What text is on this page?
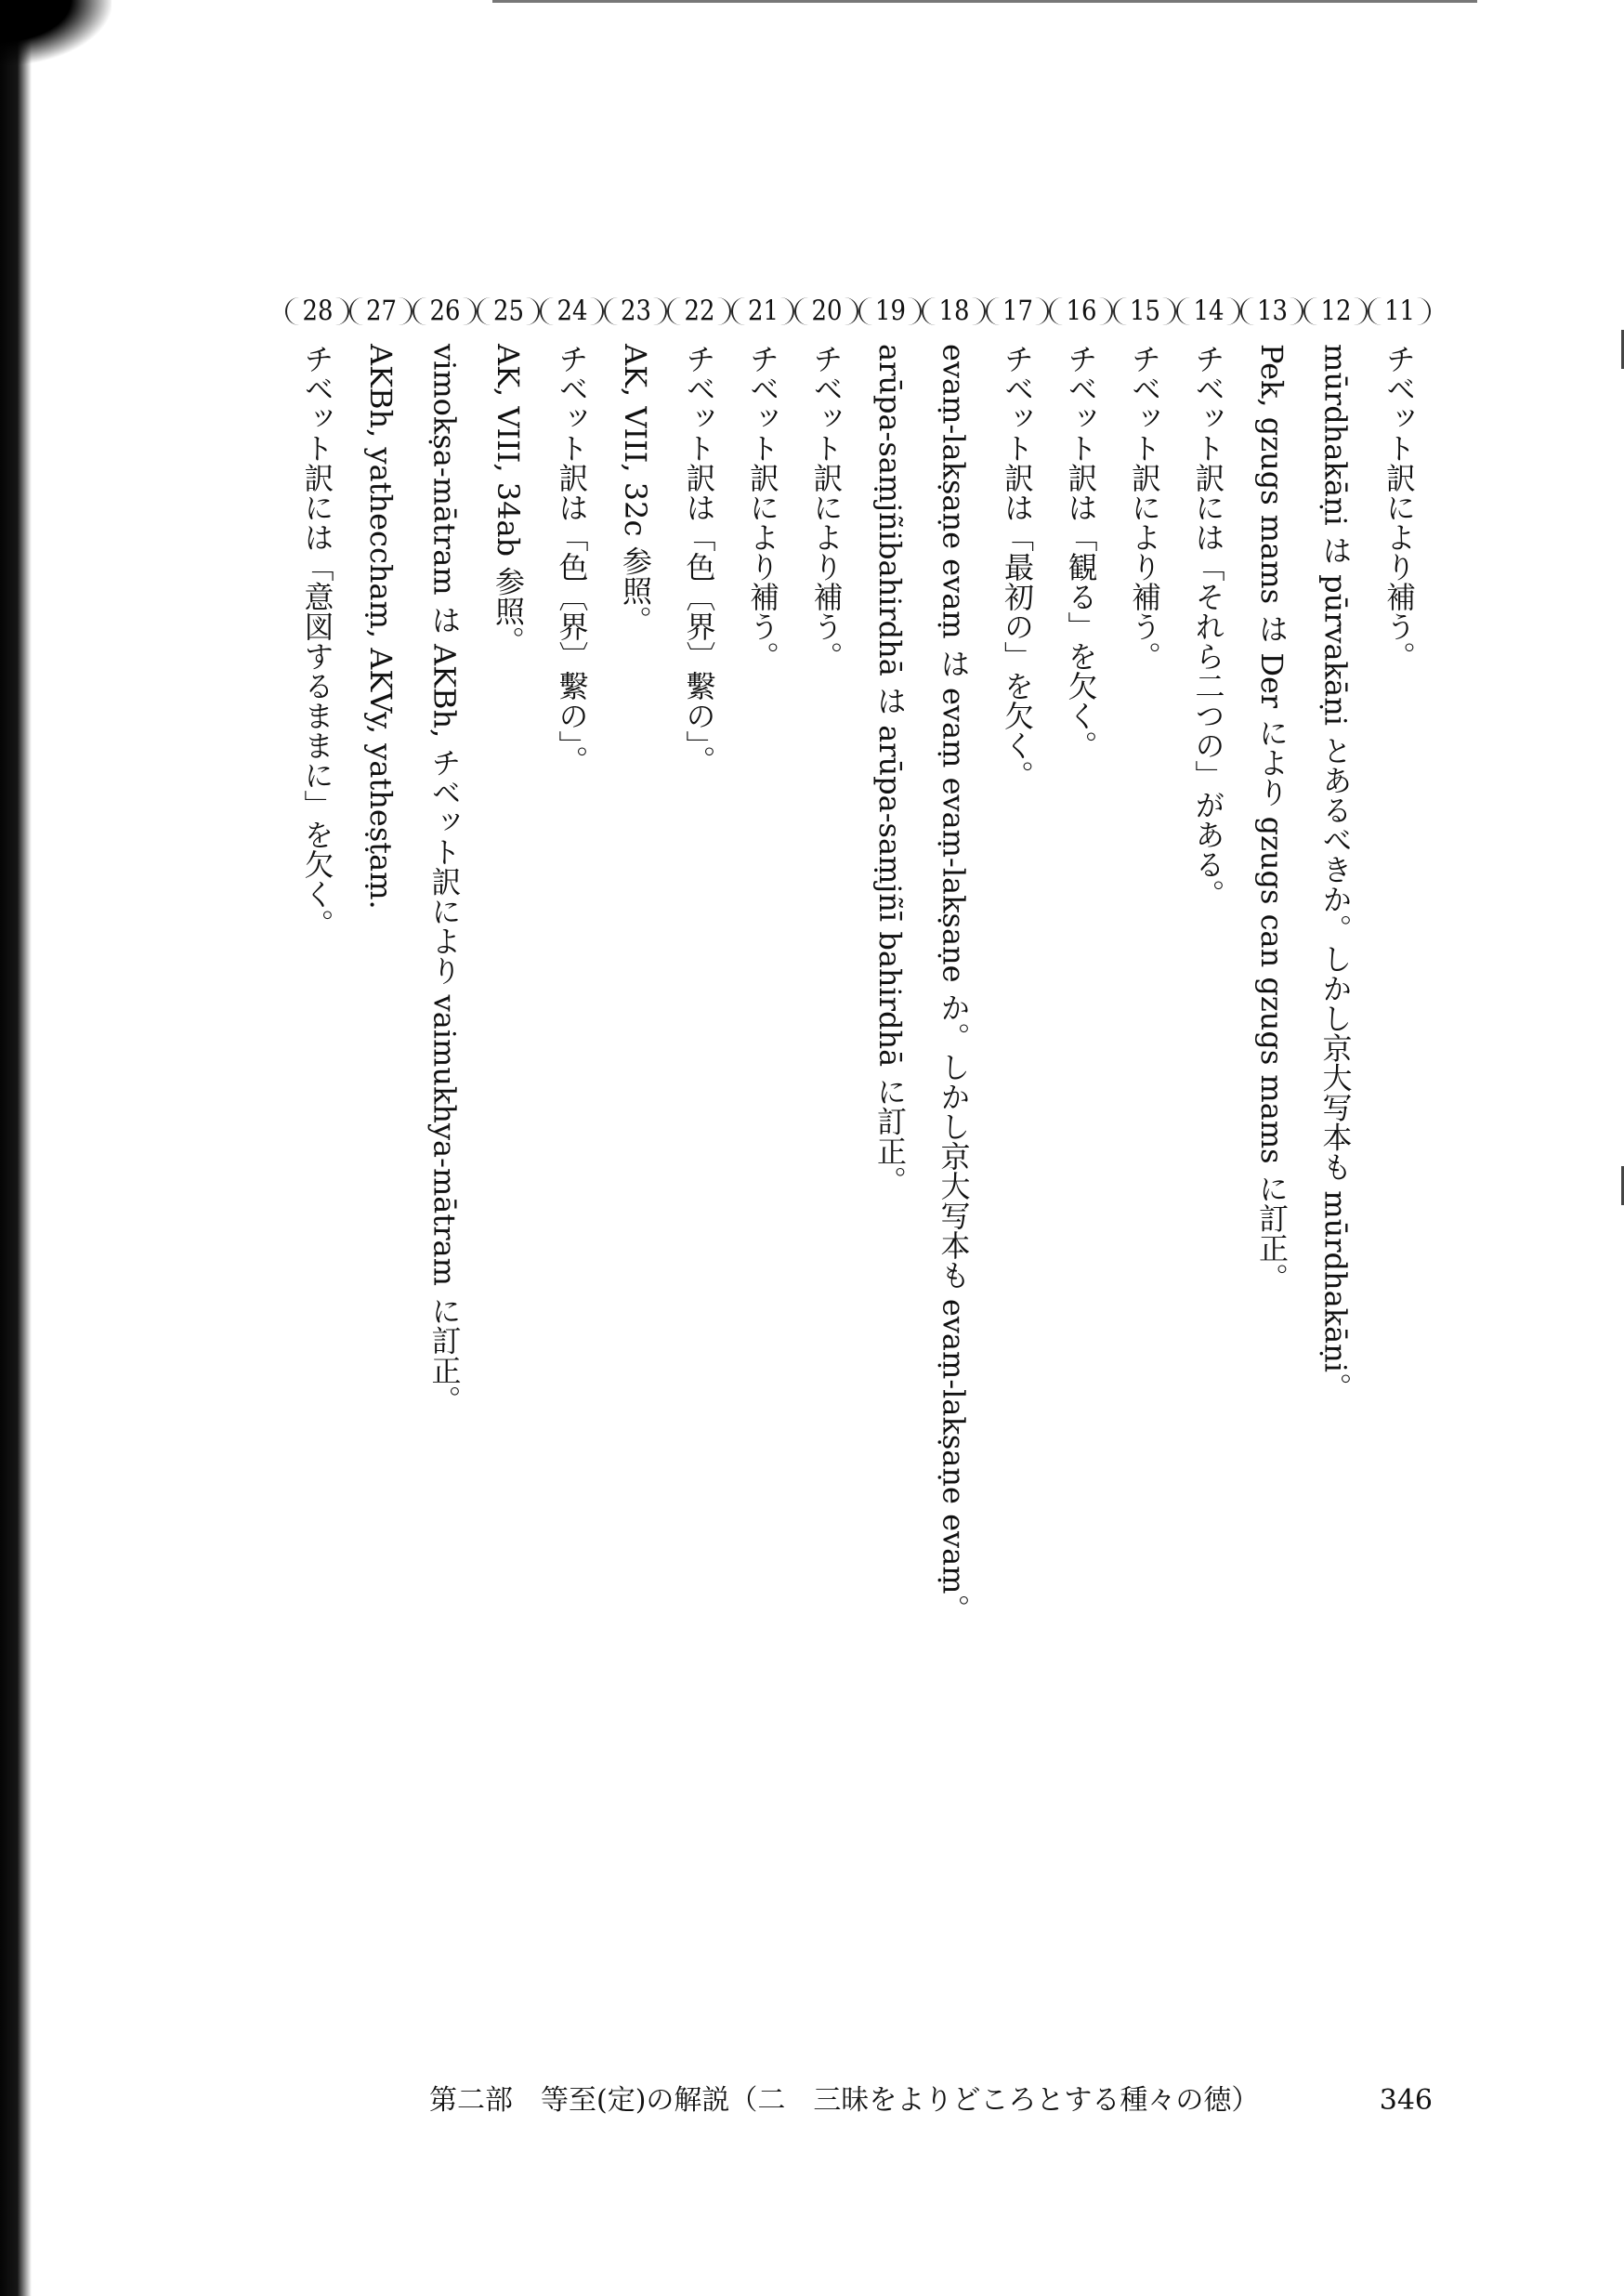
11チベット訳により補う。
12mūrdhakāṇi は pūrvakāṇi とあるべきか。しかし京大写本も mūrdhakāṇi。
13Pek, gzugs mams は Der により gzugs can gzugs mams に訂正。
14チベット訳には「それら二つの」がある。
15チベット訳により補う。
16チベット訳は「観る」を欠く。
17チベット訳は「最初の」を欠く。
18evaṃ-lakṣaṇe evaṃ は evaṃ evaṃ-lakṣaṇe か。しかし京大写本も evaṃ-lakṣaṇe evaṃ。
19arūpa-saṃjñibahirdhā は arūpa-saṃjñī bahirdhā に訂正。
20チベット訳により補う。
21チベット訳により補う。
22チベット訳は「色〔界〕繫の」。
23AK, VIII, 32c 参照。
24チベット訳は「色〔界〕繫の」。
25AK, VIII, 34ab 参照。
26vimokṣa-mātram は AKBh, チベット訳により vaimukhya-mātram に訂正。
27AKBh, yathecchaṃ, AKVy, yatheṣṭaṃ.
28チベット訳には「意図するままに」を欠く。
第二部　等至(定)の解説（二　三昧をよりどころとする種々の徳）	346
